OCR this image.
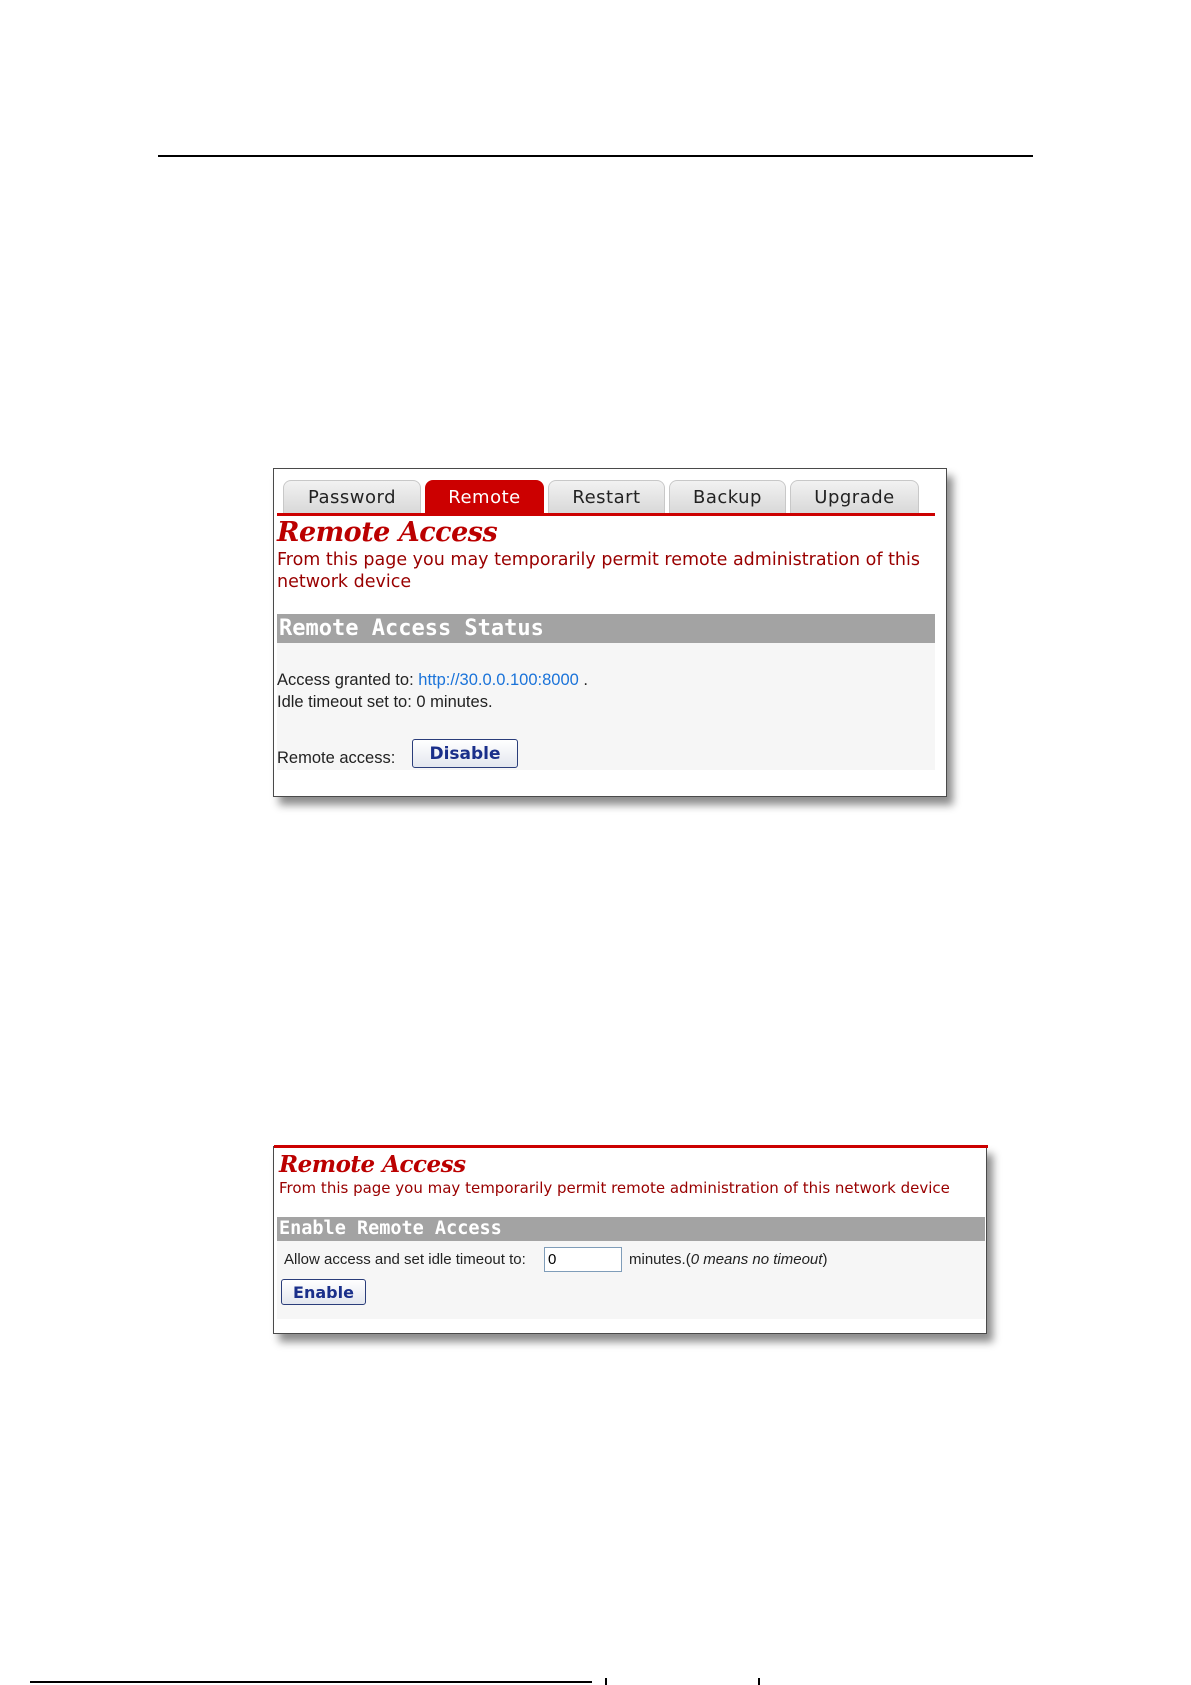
Password	Remote	Restart	Backup	Upgrade
Remote Access
From this page you may temporarily permit remote administration of this network device
Remote Access Status
Access granted to: http://30.0.0.100:8000 .
Idle timeout set to: 0 minutes.
Remote access:	Disable
Remote Access
From this page you may temporarily permit remote administration of this network device
Enable Remote Access
Allow access and set idle timeout to:
0	minutes.(0 means no timeout)
Enable
